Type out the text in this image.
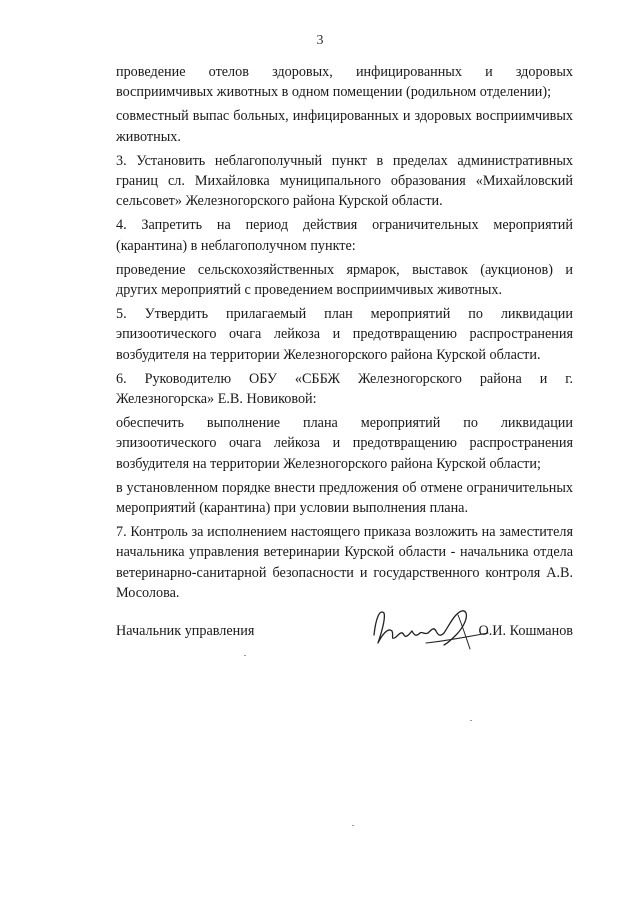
3

проведение отелов здоровых, инфицированных и здоровых восприимчивых животных в одном помещении (родильном отделении);

совместный выпас больных, инфицированных и здоровых восприимчивых животных.

3. Установить неблагополучный пункт в пределах административных границ сл. Михайловка муниципального образования «Михайловский сельсовет» Железногорского района Курской области.

4. Запретить на период действия ограничительных мероприятий (карантина) в неблагополучном пункте:

проведение сельскохозяйственных ярмарок, выставок (аукционов) и других мероприятий с проведением восприимчивых животных.

5. Утвердить прилагаемый план мероприятий по ликвидации эпизоотического очага лейкоза и предотвращению распространения возбудителя на территории Железногорского района Курской области.

6. Руководителю ОБУ «СББЖ Железногорского района и г. Железногорска» Е.В. Новиковой:

обеспечить выполнение плана мероприятий по ликвидации эпизоотического очага лейкоза и предотвращению распространения возбудителя на территории Железногорского района Курской области;

в установленном порядке внести предложения об отмене ограничительных мероприятий (карантина) при условии выполнения плана.

7. Контроль за исполнением настоящего приказа возложить на заместителя начальника управления ветеринарии Курской области - начальника отдела ветеринарно-санитарной безопасности и государственного контроля А.В. Мосолова.

Начальник управления	О.И. Кошманов
